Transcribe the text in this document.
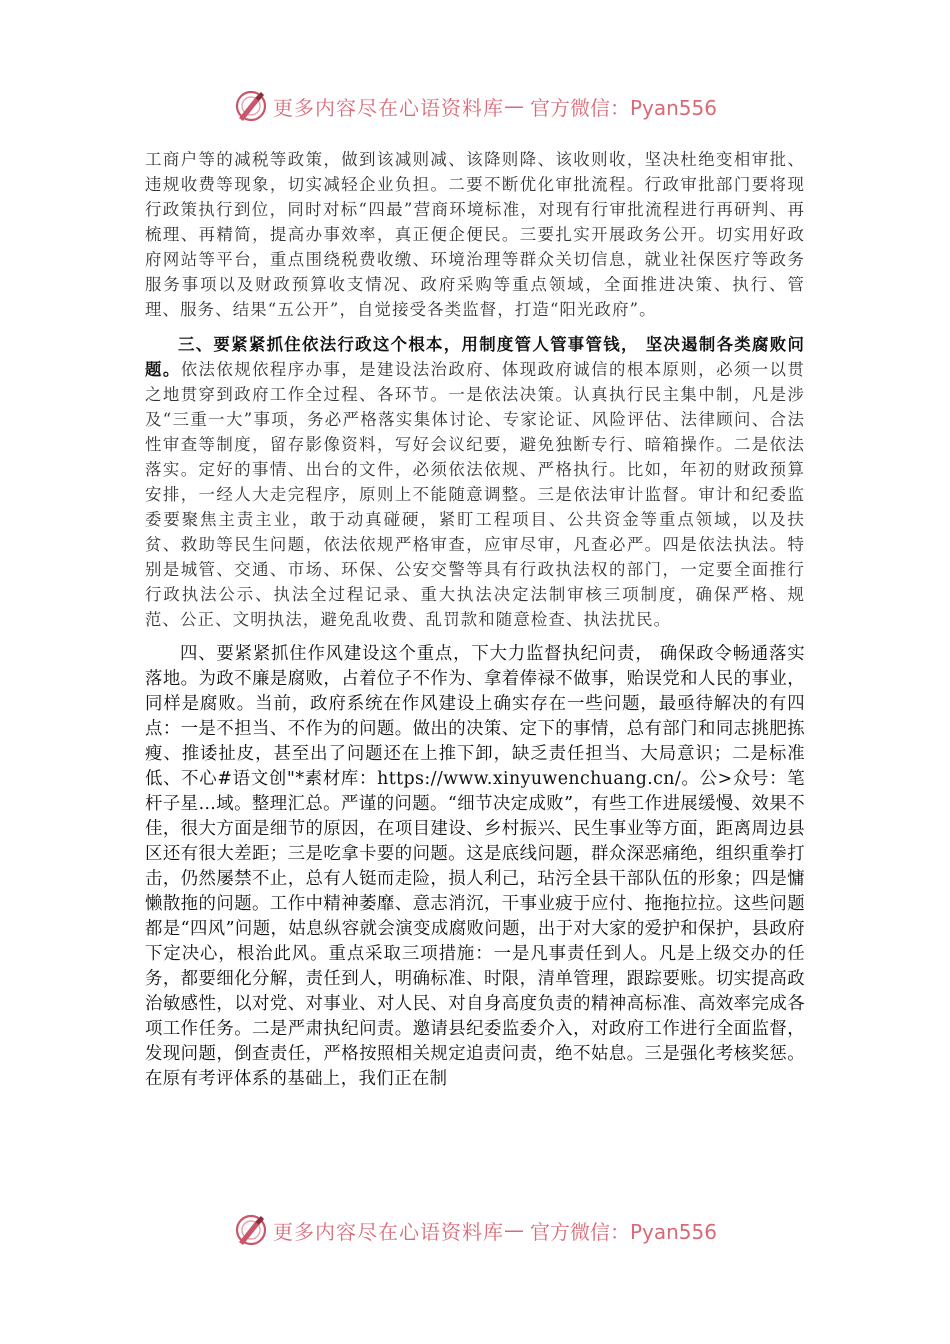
更多内容尽在心语资料库 — 官方微信：Pyan556

工商户等的减税等政策，做到该减则减、该降则降、该收则收，坚决杜绝变相审批、违规收费等现象，切实减轻企业负担。二要不断优化审批流程。行政审批部门要将现行政策执行到位，同时对标“四最”营商环境标准，对现有行审批流程进行再研判、再梳理、再精简，提高办事效率，真正便企便民。三要扎实开展政务公开。切实用好政府网站等平台，重点围绕税费收缴、环境治理等群众关切信息，就业社保医疗等政务服务事项以及财政预算收支情况、政府采购等重点领域，全面推进决策、执行、管理、服务、结果“五公开”，自觉接受各类监督，打造“阳光政府”。

三、要紧紧抓住依法行政这个根本，用制度管人管事管钱， 坚决遏制各类腐败问题。依法依规依程序办事，是建设法治政府、体现政府诚信的根本原则，必须一以贯之地贯穿到政府工作全过程、各环节。一是依法决策。认真执行民主集中制，凡是涉及“三重一大”事项，务必严格落实集体讨论、专家论证、风险评估、法律顾问、合法性审查等制度，留存影像资料，写好会议纪要，避免独断专行、暗箱操作。二是依法落实。定好的事情、出台的文件，必须依法依规、严格执行。比如，年初的财政预算安排，一经人大走完程序，原则上不能随意调整。三是依法审计监督。审计和纪委监委要聚焦主责主业，敢于动真碰硬，紧盯工程项目、公共资金等重点领域，以及扶贫、救助等民生问题，依法依规严格审查，应审尽审，凡查必严。四是依法执法。特别是城管、交通、市场、环保、公安交警等具有行政执法权的部门，一定要全面推行行政执法公示、执法全过程记录、重大执法决定法制审核三项制度，确保严格、规范、公正、文明执法，避免乱收费、乱罚款和随意检查、执法扰民。

四、要紧紧抓住作风建设这个重点，下大力监督执纪问责， 确保政令畅通落实落地。为政不廉是腐败，占着位子不作为、拿着俸禄不做事，贻误党和人民的事业，同样是腐败。当前，政府系统在作风建设上确实存在一些问题，最亟待解决的有四点：一是不担当、不作为的问题。做出的决策、定下的事情，总有部门和同志挑肥拣瘦、推诿扯皮，甚至出了问题还在上推下卸，缺乏责任担当、大局意识；二是标准低、不心#语文创"*素材库：https://www.xinyuwenchuang.cn/。公>众号：笔杆子星…域。整理汇总。严谨的问题。“细节决定成败”，有些工作进展缓慢、效果不佳，很大方面是细节的原因，在项目建设、乡村振兴、民生事业等方面，距离周边县区还有很大差距；三是吃拿卡要的问题。这是底线问题，群众深恶痛绝，组织重拳打击，仍然屡禁不止，总有人铤而走险，损人利己，玷污全县干部队伍的形象；四是慵懒散拖的问题。工作中精神萎靡、意志消沉，干事业疲于应付、拖拖拉拉。这些问题都是“四风”问题，姑息纵容就会演变成腐败问题，出于对大家的爱护和保护，县政府下定决心，根治此风。重点采取三项措施：一是凡事责任到人。凡是上级交办的任务，都要细化分解，责任到人，明确标准、时限，清单管理，跟踪要账。切实提高政治敏感性，以对党、对事业、对人民、对自身高度负责的精神高标准、高效率完成各项工作任务。二是严肃执纪问责。邀请县纪委监委介入，对政府工作进行全面监督，发现问题，倒查责任，严格按照相关规定追责问责，绝不姑息。三是强化考核奖惩。在原有考评体系的基础上，我们正在制

更多内容尽在心语资料库 — 官方微信：Pyan556
